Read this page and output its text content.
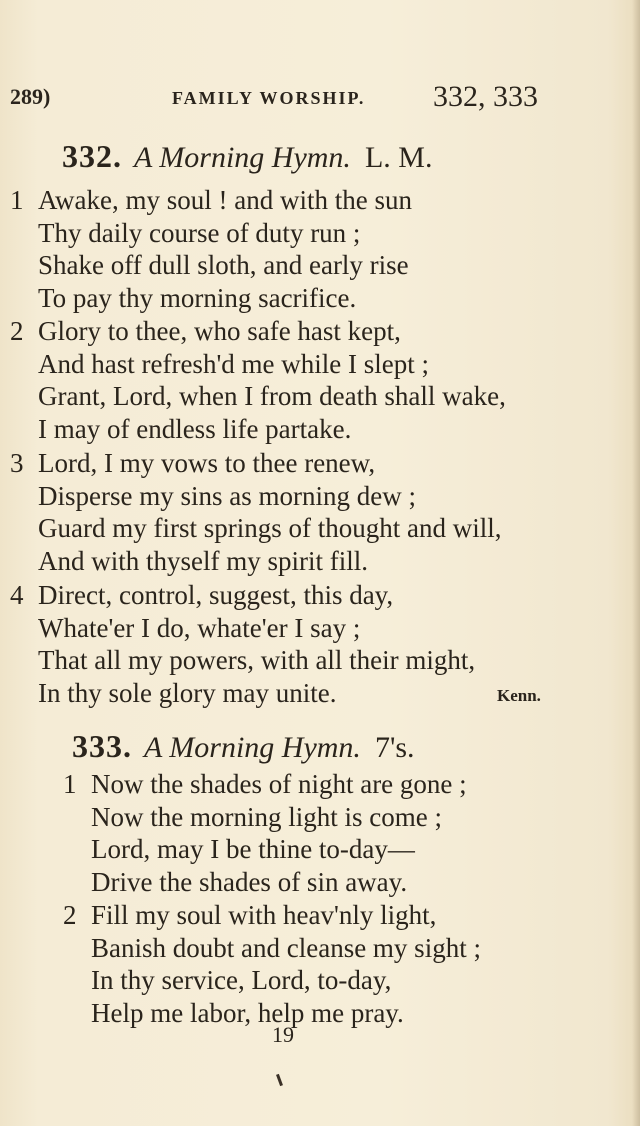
289)	FAMILY WORSHIP. 332, 333
332. A Morning Hymn. L. M.
1 Awake, my soul ! and with the sun
Thy daily course of duty run ;
Shake off dull sloth, and early rise
To pay thy morning sacrifice.
2 Glory to thee, who safe hast kept,
And hast refresh'd me while I slept ;
Grant, Lord, when I from death shall wake,
I may of endless life partake.
3 Lord, I my vows to thee renew,
Disperse my sins as morning dew ;
Guard my first springs of thought and will,
And with thyself my spirit fill.
4 Direct, control, suggest, this day,
Whate'er I do, whate'er I say ;
That all my powers, with all their might,
In thy sole glory may unite.	Kenn.
333. A Morning Hymn. 7's.
1 Now the shades of night are gone ;
Now the morning light is come ;
Lord, may I be thine to-day—
Drive the shades of sin away.
2 Fill my soul with heav'nly light,
Banish doubt and cleanse my sight ;
In thy service, Lord, to-day,
Help me labor, help me pray.
19
